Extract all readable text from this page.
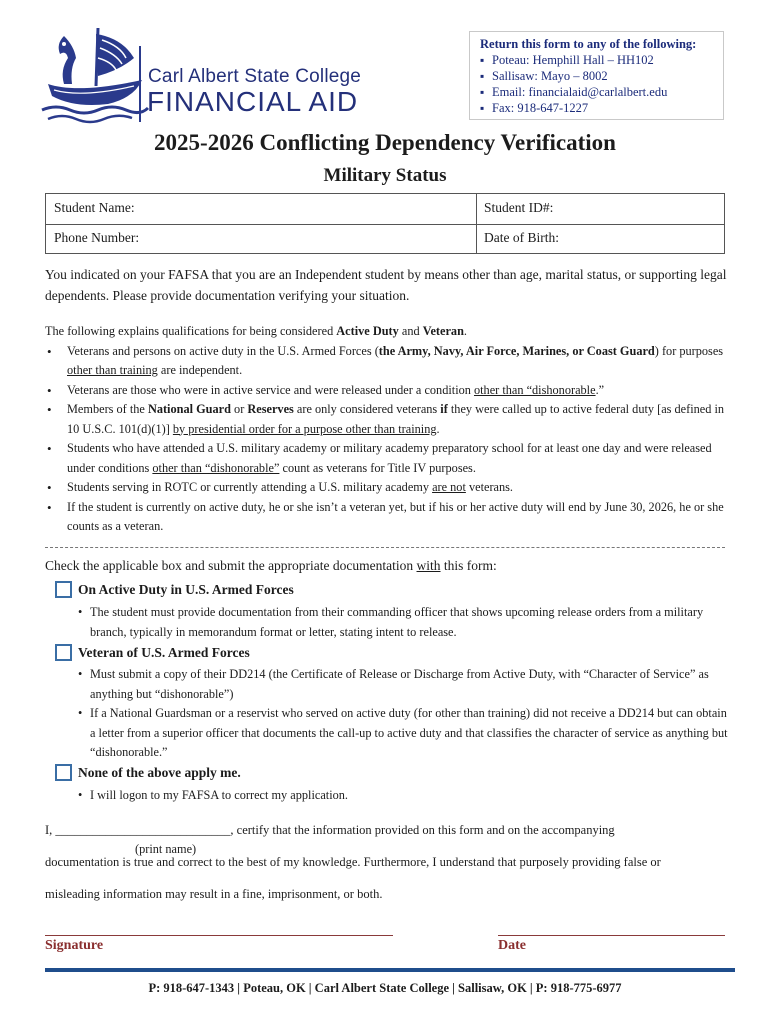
Carl Albert State College
FINANCIAL AID
Return this form to any of the following:
▪ Poteau: Hemphill Hall – HH102
▪ Sallisaw: Mayo – 8002
▪ Email: financialaid@carlalbert.edu
▪ Fax: 918-647-1227
2025-2026 Conflicting Dependency Verification
Military Status
Student Name:	Student ID#:
Phone Number:	Date of Birth:
You indicated on your FAFSA that you are an Independent student by means other than age, marital status, or supporting legal dependents. Please provide documentation verifying your situation.
The following explains qualifications for being considered Active Duty and Veteran.
• Veterans and persons on active duty in the U.S. Armed Forces (the Army, Navy, Air Force, Marines, or Coast Guard) for purposes other than training are independent.
• Veterans are those who were in active service and were released under a condition other than “dishonorable.”
• Members of the National Guard or Reserves are only considered veterans if they were called up to active federal duty [as defined in 10 U.S.C. 101(d)(1)] by presidential order for a purpose other than training.
• Students who have attended a U.S. military academy or military academy preparatory school for at least one day and were released under conditions other than “dishonorable” count as veterans for Title IV purposes.
• Students serving in ROTC or currently attending a U.S. military academy are not veterans.
• If the student is currently on active duty, he or she isn’t a veteran yet, but if his or her active duty will end by June 30, 2026, he or she counts as a veteran.
Check the applicable box and submit the appropriate documentation with this form:
On Active Duty in U.S. Armed Forces
• The student must provide documentation from their commanding officer that shows upcoming release orders from a military branch, typically in memorandum format or letter, stating intent to release.
Veteran of U.S. Armed Forces
• Must submit a copy of their DD214 (the Certificate of Release or Discharge from Active Duty, with “Character of Service” as anything but “dishonorable”)
• If a National Guardsman or a reservist who served on active duty (for other than training) did not receive a DD214 but can obtain a letter from a superior officer that documents the call-up to active duty and that classifies the character of service as anything but “dishonorable.”
None of the above apply me.
• I will logon to my FAFSA to correct my application.
I, ____________________________, certify that the information provided on this form and on the accompanying
(print name)
documentation is true and correct to the best of my knowledge. Furthermore, I understand that purposely providing false or
misleading information may result in a fine, imprisonment, or both.
Signature	Date
P: 918-647-1343 | Poteau, OK | Carl Albert State College | Sallisaw, OK | P: 918-775-6977
